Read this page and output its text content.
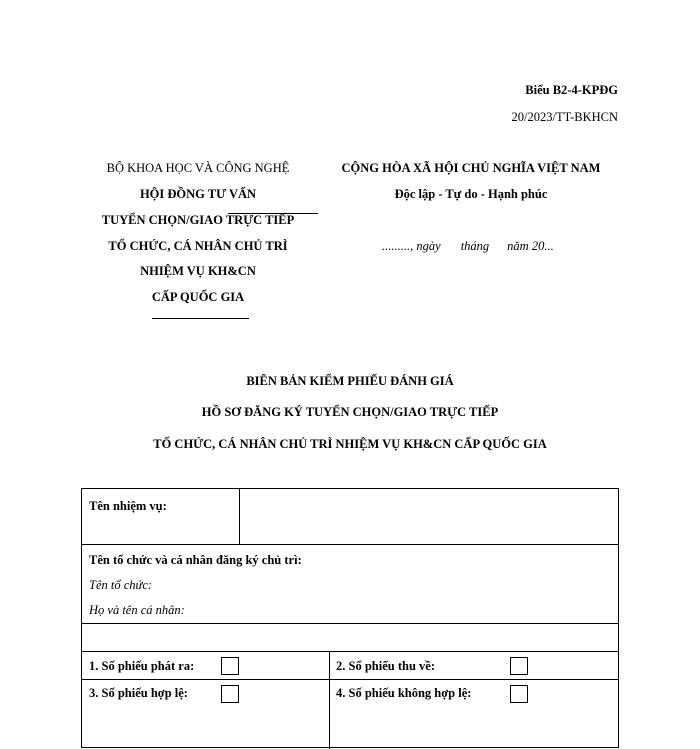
Biểu B2-4-KPĐG
20/2023/TT-BKHCN
BỘ KHOA HỌC VÀ CÔNG NGHỆ
HỘI ĐỒNG TƯ VẤN
TUYỂN CHỌN/GIAO TRỰC TIẾP
TỔ CHỨC, CÁ NHÂN CHỦ TRÌ
NHIỆM VỤ KH&CN
CẤP QUỐC GIA
CỘNG HÒA XÃ HỘI CHỦ NGHĨA VIỆT NAM
Độc lập - Tự do - Hạnh phúc
........., ngày tháng năm 20...
BIÊN BẢN KIỂM PHIẾU ĐÁNH GIÁ
HỒ SƠ ĐĂNG KÝ TUYỂN CHỌN/GIAO TRỰC TIẾP
TỔ CHỨC, CÁ NHÂN CHỦ TRÌ NHIỆM VỤ KH&CN CẤP QUỐC GIA
Tên nhiệm vụ:
Tên tổ chức và cá nhân đăng ký chủ trì:
Tên tổ chức:
Họ và tên cá nhân:
1. Số phiếu phát ra:	2. Số phiếu thu về:
3. Số phiếu hợp lệ:	4. Số phiếu không hợp lệ:
